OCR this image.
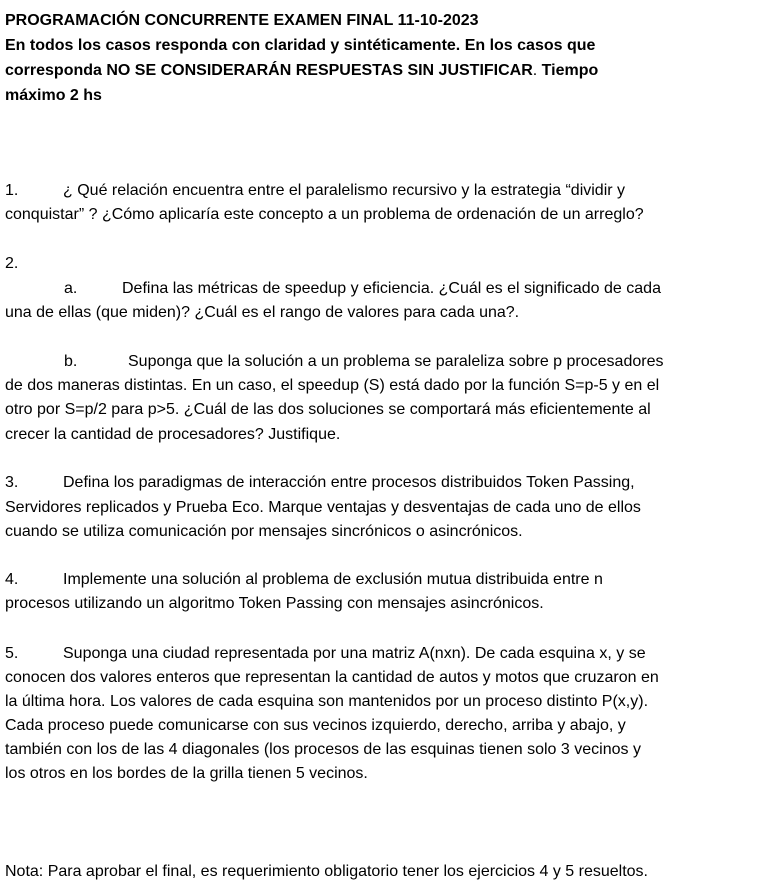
PROGRAMACIÓN CONCURRENTE EXAMEN FINAL 11-10-2023
En todos los casos responda con claridad y sintéticamente. En los casos que
corresponda NO SE CONSIDERARÁN RESPUESTAS SIN JUSTIFICAR. Tiempo
máximo 2 hs
1.	¿ Qué relación encuentra entre el paralelismo recursivo y la estrategia “dividir y
conquistar” ? ¿Cómo aplicaría este concepto a un problema de ordenación de un arreglo?
2.
a.	Defina las métricas de speedup y eficiencia. ¿Cuál es el significado de cada
una de ellas (que miden)? ¿Cuál es el rango de valores para cada una?.
b.	Suponga que la solución a un problema se paraleliza sobre p procesadores
de dos maneras distintas. En un caso, el speedup (S) está dado por la función S=p-5 y en el
otro por S=p/2 para p>5. ¿Cuál de las dos soluciones se comportará más eficientemente al
crecer la cantidad de procesadores? Justifique.
3.	Defina los paradigmas de interacción entre procesos distribuidos Token Passing,
Servidores replicados y Prueba Eco. Marque ventajas y desventajas de cada uno de ellos
cuando se utiliza comunicación por mensajes sincrónicos o asincrónicos.
4.	Implemente una solución al problema de exclusión mutua distribuida entre n
procesos utilizando un algoritmo Token Passing con mensajes asincrónicos.
5.	Suponga una ciudad representada por una matriz A(nxn). De cada esquina x, y se
conocen dos valores enteros que representan la cantidad de autos y motos que cruzaron en
la última hora. Los valores de cada esquina son mantenidos por un proceso distinto P(x,y).
Cada proceso puede comunicarse con sus vecinos izquierdo, derecho, arriba y abajo, y
también con los de las 4 diagonales (los procesos de las esquinas tienen solo 3 vecinos y
los otros en los bordes de la grilla tienen 5 vecinos.
Nota: Para aprobar el final, es requerimiento obligatorio tener los ejercicios 4 y 5 resueltos.
